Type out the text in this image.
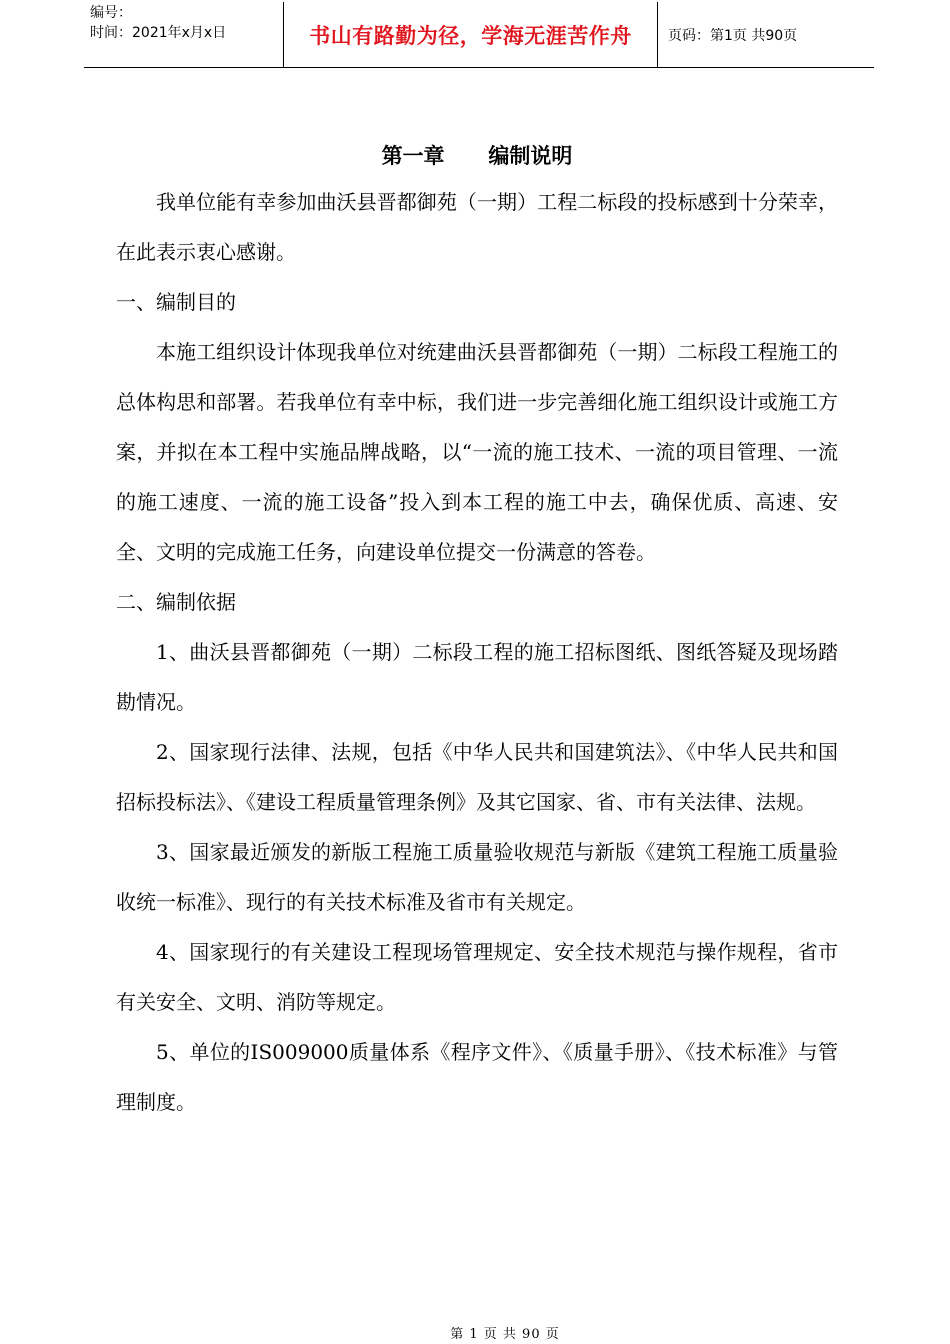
编号：
时间：2021年x月x日	书山有路勤为径，学海无涯苦作舟	页码：第1页 共90页
第一章      编制说明

我单位能有幸参加曲沃县晋都御苑（一期）工程二标段的投标感到十分荣幸，在此表示衷心感谢。

一、编制目的

本施工组织设计体现我单位对统建曲沃县晋都御苑（一期）二标段工程施工的总体构思和部署。若我单位有幸中标，我们进一步完善细化施工组织设计或施工方案，并拟在本工程中实施品牌战略，以“一流的施工技术、一流的项目管理、一流的施工速度、一流的施工设备”投入到本工程的施工中去，确保优质、高速、安全、文明的完成施工任务，向建设单位提交一份满意的答卷。

二、编制依据

1、曲沃县晋都御苑（一期）二标段工程的施工招标图纸、图纸答疑及现场踏勘情况。

2、国家现行法律、法规，包括《中华人民共和国建筑法》、《中华人民共和国招标投标法》、《建设工程质量管理条例》及其它国家、省、市有关法律、法规。

3、国家最近颁发的新版工程施工质量验收规范与新版《建筑工程施工质量验收统一标准》、现行的有关技术标准及省市有关规定。

4、国家现行的有关建设工程现场管理规定、安全技术规范与操作规程，省市有关安全、文明、消防等规定。

5、单位的IS009000质量体系《程序文件》、《质量手册》、《技术标准》与管理制度。

第 1 页 共 90 页
